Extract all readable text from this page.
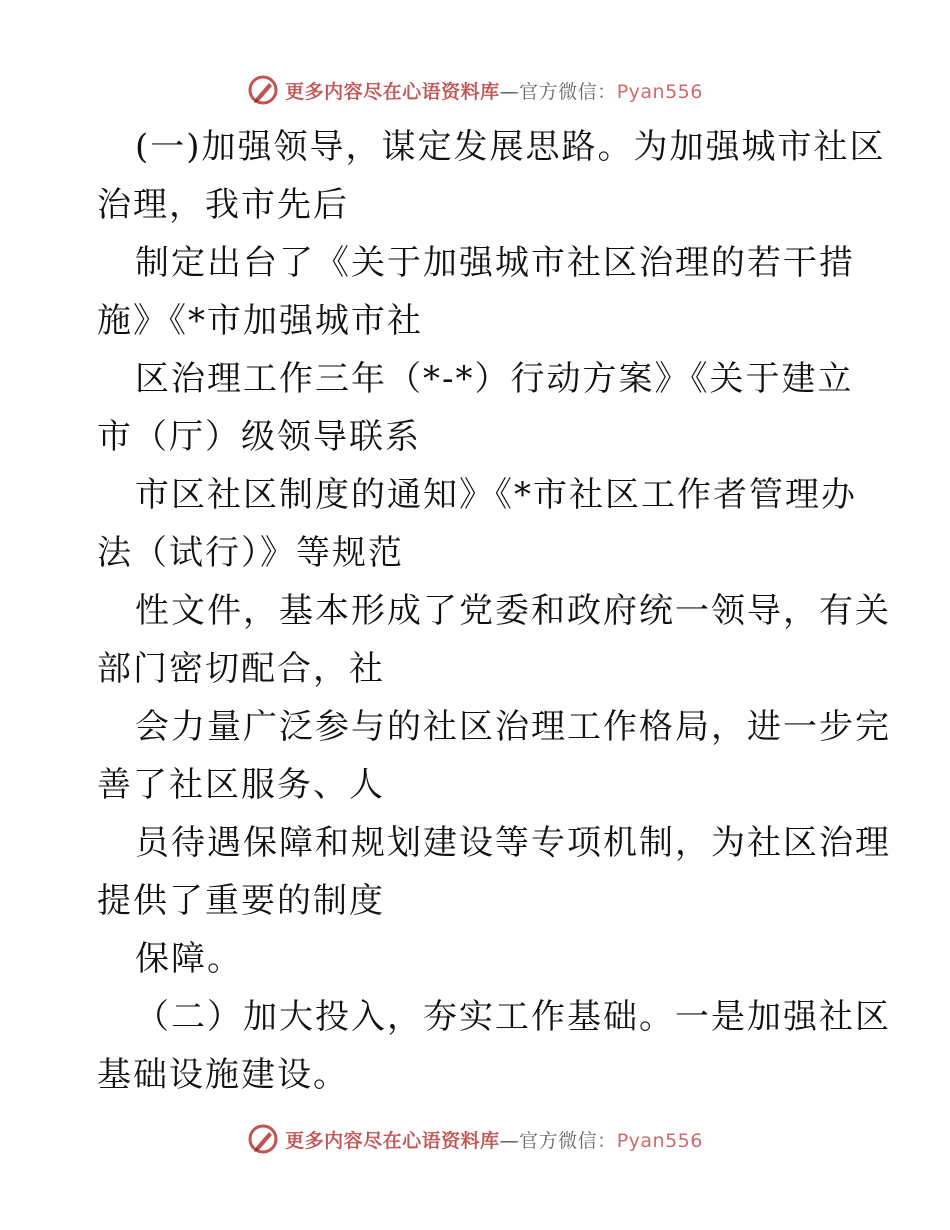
更多内容尽在心语资料库—官方微信：Pyan556
(一)加强领导，谋定发展思路。为加强城市社区
治理，我市先后
制定出台了《关于加强城市社区治理的若干措
施》《*市加强城市社
区治理工作三年（*-*）行动方案》《关于建立
市（厅）级领导联系
市区社区制度的通知》《*市社区工作者管理办
法（试行）》等规范
性文件，基本形成了党委和政府统一领导，有关
部门密切配合，社
会力量广泛参与的社区治理工作格局，进一步完
善了社区服务、人
员待遇保障和规划建设等专项机制，为社区治理
提供了重要的制度
保障。
（二）加大投入，夯实工作基础。一是加强社区
基础设施建设。
更多内容尽在心语资料库—官方微信：Pyan556
